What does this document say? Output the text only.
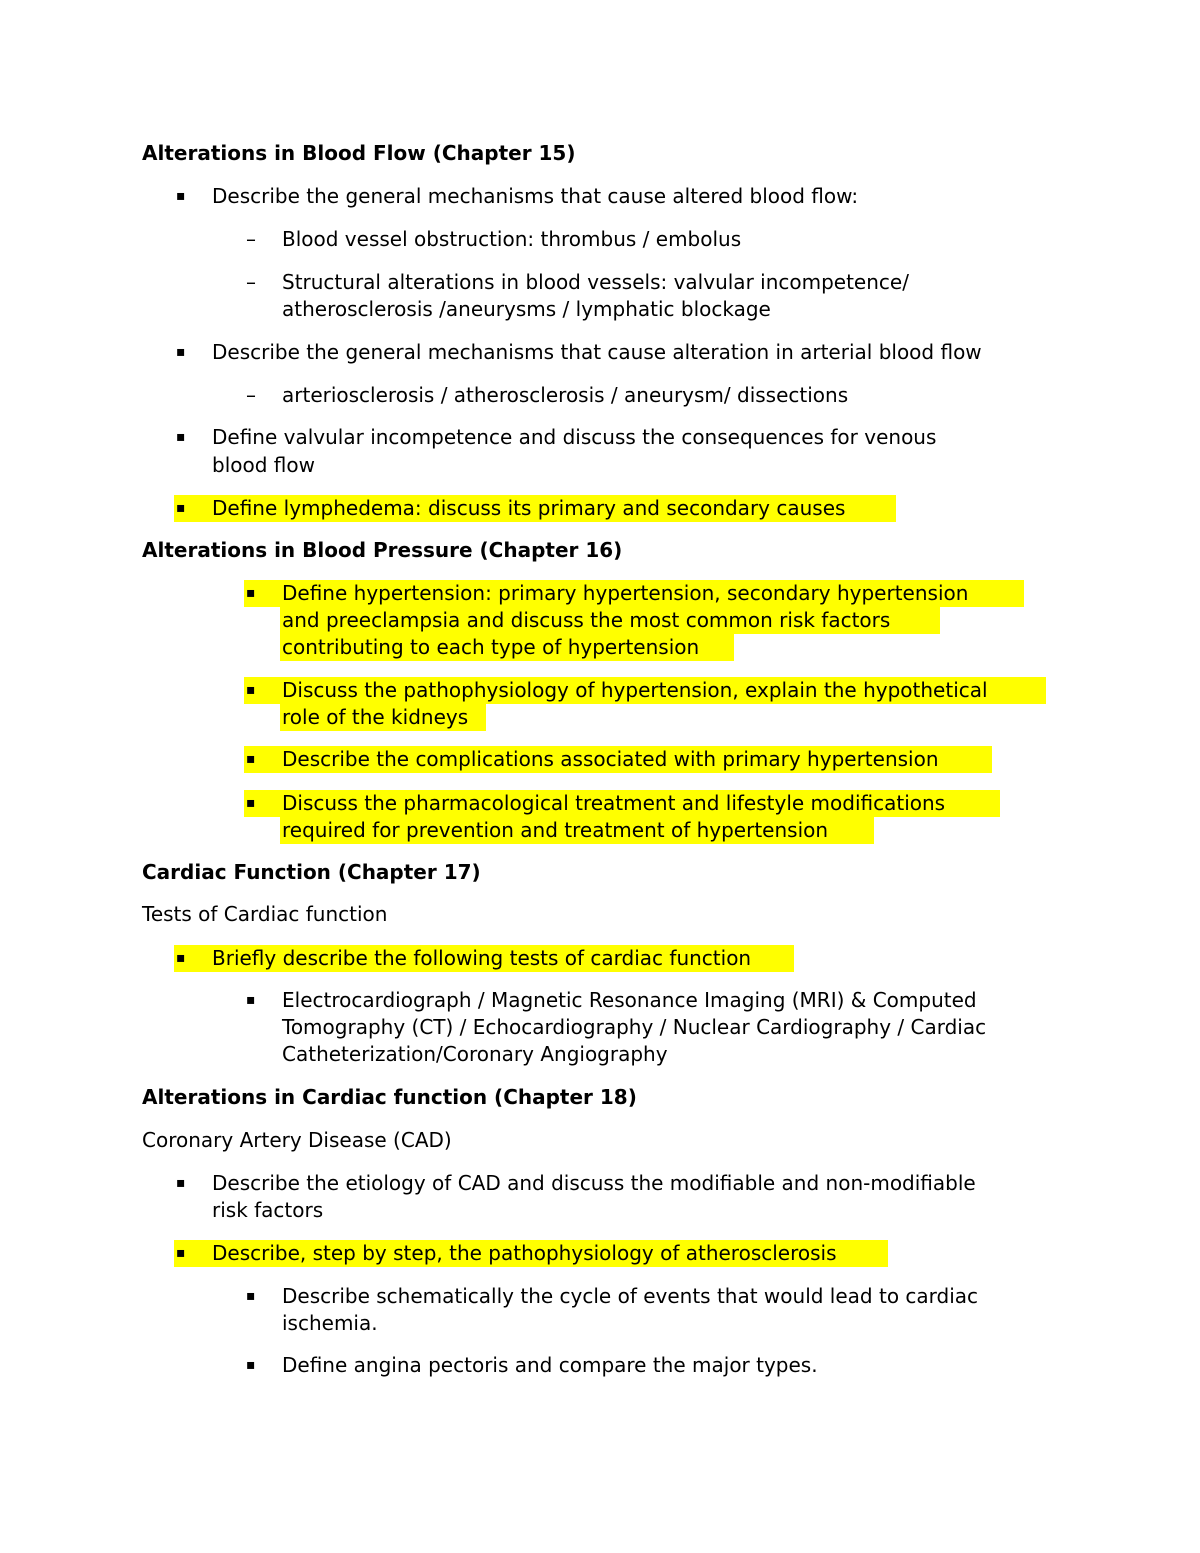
Alterations in Blood Flow (Chapter 15)
▪ Describe the general mechanisms that cause altered blood flow:
– Blood vessel obstruction: thrombus / embolus
– Structural alterations in blood vessels: valvular incompetence/
atherosclerosis /aneurysms / lymphatic blockage
▪ Describe the general mechanisms that cause alteration in arterial blood flow
– arteriosclerosis / atherosclerosis / aneurysm/ dissections
▪ Define valvular incompetence and discuss the consequences for venous
blood flow
▪ Define lymphedema: discuss its primary and secondary causes
Alterations in Blood Pressure (Chapter 16)
▪ Define hypertension: primary hypertension, secondary hypertension
and preeclampsia and discuss the most common risk factors
contributing to each type of hypertension
▪ Discuss the pathophysiology of hypertension, explain the hypothetical
role of the kidneys
▪ Describe the complications associated with primary hypertension
▪ Discuss the pharmacological treatment and lifestyle modifications
required for prevention and treatment of hypertension
Cardiac Function (Chapter 17)
Tests of Cardiac function
▪ Briefly describe the following tests of cardiac function
▪ Electrocardiograph / Magnetic Resonance Imaging (MRI) & Computed
Tomography (CT) / Echocardiography / Nuclear Cardiography / Cardiac
Catheterization/Coronary Angiography
Alterations in Cardiac function (Chapter 18)
Coronary Artery Disease (CAD)
▪ Describe the etiology of CAD and discuss the modifiable and non-modifiable
risk factors
▪ Describe, step by step, the pathophysiology of atherosclerosis
▪ Describe schematically the cycle of events that would lead to cardiac
ischemia.
▪ Define angina pectoris and compare the major types.
